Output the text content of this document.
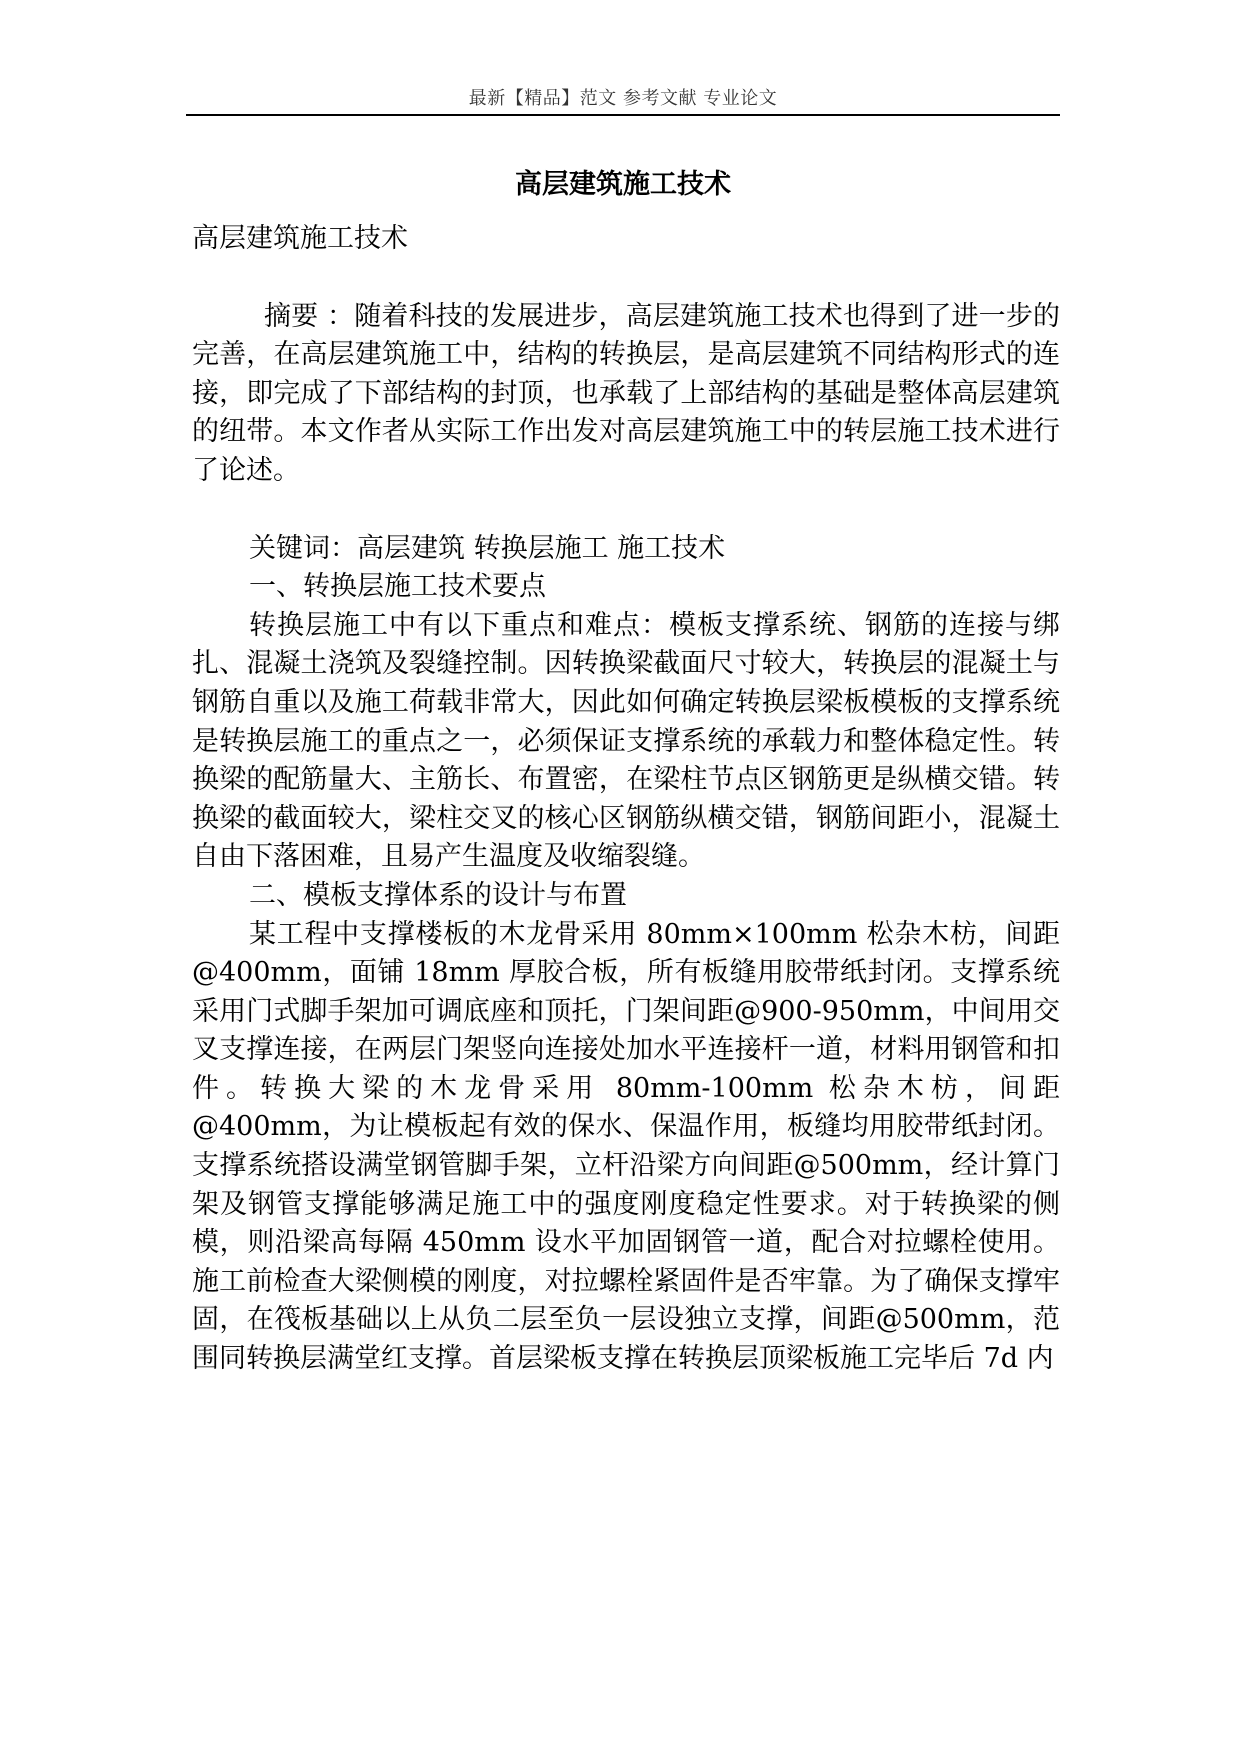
最新【精品】范文 参考文献 专业论文
高层建筑施工技术

高层建筑施工技术

摘要 ：随着科技的发展进步，高层建筑施工技术也得到了进一步的完善，在高层建筑施工中，结构的转换层，是高层建筑不同结构形式的连接，即完成了下部结构的封顶，也承载了上部结构的基础是整体高层建筑的纽带。本文作者从实际工作出发对高层建筑施工中的转层施工技术进行了论述。

关键词：高层建筑 转换层施工 施工技术

一、转换层施工技术要点

转换层施工中有以下重点和难点：模板支撑系统、钢筋的连接与绑扎、混凝土浇筑及裂缝控制。因转换梁截面尺寸较大，转换层的混凝土与钢筋自重以及施工荷载非常大，因此如何确定转换层梁板模板的支撑系统是转换层施工的重点之一，必须保证支撑系统的承载力和整体稳定性。转换梁的配筋量大、主筋长、布置密，在梁柱节点区钢筋更是纵横交错。转换梁的截面较大，梁柱交叉的核心区钢筋纵横交错，钢筋间距小，混凝土自由下落困难，且易产生温度及收缩裂缝。

二、模板支撑体系的设计与布置

某工程中支撑楼板的木龙骨采用 80mm×100mm 松杂木枋，间距@400mm，面铺 18mm 厚胶合板，所有板缝用胶带纸封闭。支撑系统采用门式脚手架加可调底座和顶托，门架间距@900-950mm，中间用交叉支撑连接，在两层门架竖向连接处加水平连接杆一道，材料用钢管和扣件。转换大梁的木龙骨采用 80mm-100mm 松杂木枋，间距@400mm，为让模板起有效的保水、保温作用，板缝均用胶带纸封闭。支撑系统搭设满堂钢管脚手架，立杆沿梁方向间距@500mm，经计算门架及钢管支撑能够满足施工中的强度刚度稳定性要求。对于转换梁的侧模，则沿梁高每隔 450mm 设水平加固钢管一道，配合对拉螺栓使用。施工前检查大梁侧模的刚度，对拉螺栓紧固件是否牢靠。为了确保支撑牢固，在筏板基础以上从负二层至负一层设独立支撑，间距@500mm，范围同转换层满堂红支撑。首层梁板支撑在转换层顶梁板施工完毕后 7d 内
